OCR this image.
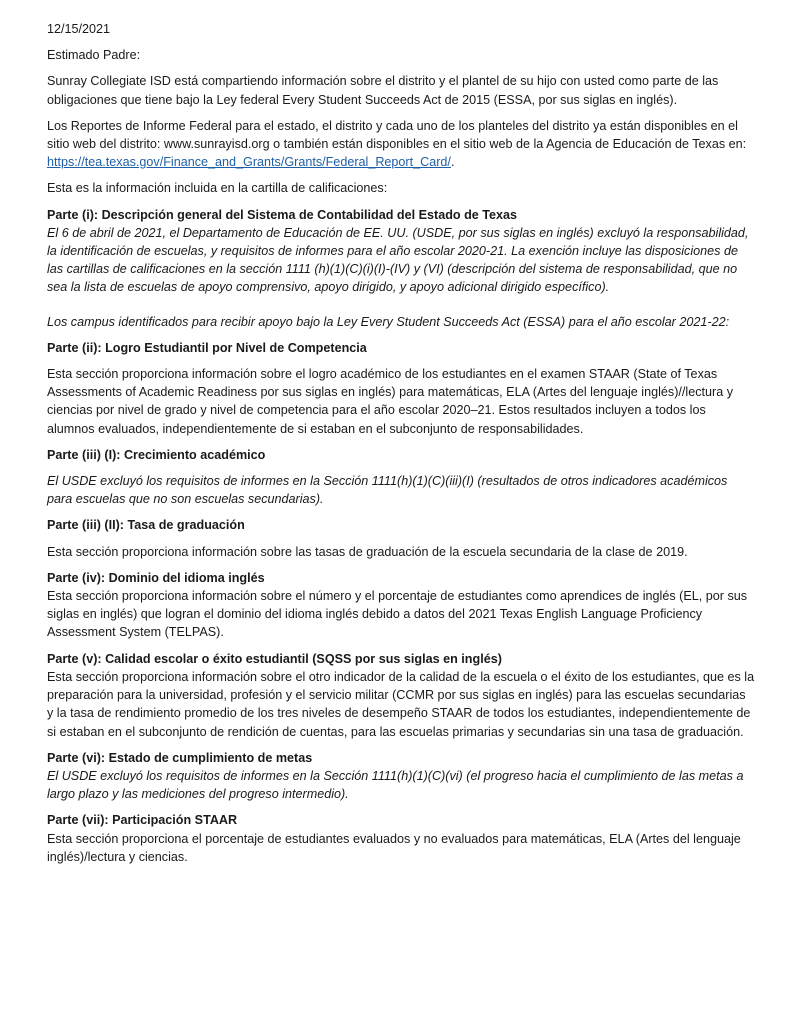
12/15/2021

Estimado Padre:

Sunray Collegiate ISD está compartiendo información sobre el distrito y el plantel de su hijo con usted como parte de las obligaciones que tiene bajo la Ley federal Every Student Succeeds Act de 2015 (ESSA, por sus siglas en inglés).

Los Reportes de Informe Federal para el estado, el distrito y cada uno de los planteles del distrito ya están disponibles en el sitio web del distrito: www.sunrayisd.org o también están disponibles en el sitio web de la Agencia de Educación de Texas en: https://tea.texas.gov/Finance_and_Grants/Grants/Federal_Report_Card/.

Esta es la información incluida en la cartilla de calificaciones:

Parte (i): Descripción general del Sistema de Contabilidad del Estado de Texas
El 6 de abril de 2021, el Departamento de Educación de EE. UU. (USDE, por sus siglas en inglés) excluyó la responsabilidad, la identificación de escuelas, y requisitos de informes para el año escolar 2020-21. La exención incluye las disposiciones de las cartillas de calificaciones en la sección 1111 (h)(1)(C)(i)(I)-(IV) y (VI) (descripción del sistema de responsabilidad, que no sea la lista de escuelas de apoyo comprensivo, apoyo dirigido, y apoyo adicional dirigido específico).

Los campus identificados para recibir apoyo bajo la Ley Every Student Succeeds Act (ESSA) para el año escolar 2021-22:

Parte (ii): Logro Estudiantil por Nivel de Competencia

Esta sección proporciona información sobre el logro académico de los estudiantes en el examen STAAR (State of Texas Assessments of Academic Readiness por sus siglas en inglés) para matemáticas, ELA (Artes del lenguaje inglés)//lectura y ciencias por nivel de grado y nivel de competencia para el año escolar 2020–21. Estos resultados incluyen a todos los alumnos evaluados, independientemente de si estaban en el subconjunto de responsabilidades.

Parte (iii) (I): Crecimiento académico

El USDE excluyó los requisitos de informes en la Sección 1111(h)(1)(C)(iii)(I) (resultados de otros indicadores académicos para escuelas que no son escuelas secundarias).

Parte (iii) (II): Tasa de graduación

Esta sección proporciona información sobre las tasas de graduación de la escuela secundaria de la clase de 2019.

Parte (iv): Dominio del idioma inglés
Esta sección proporciona información sobre el número y el porcentaje de estudiantes como aprendices de inglés (EL, por sus siglas en inglés) que logran el dominio del idioma inglés debido a datos del 2021 Texas English Language Proficiency Assessment System (TELPAS).

Parte (v): Calidad escolar o éxito estudiantil (SQSS por sus siglas en inglés)
Esta sección proporciona información sobre el otro indicador de la calidad de la escuela o el éxito de los estudiantes, que es la preparación para la universidad, profesión y el servicio militar (CCMR por sus siglas en inglés) para las escuelas secundarias y la tasa de rendimiento promedio de los tres niveles de desempeño STAAR de todos los estudiantes, independientemente de si estaban en el subconjunto de rendición de cuentas, para las escuelas primarias y secundarias sin una tasa de graduación.

Parte (vi): Estado de cumplimiento de metas
El USDE excluyó los requisitos de informes en la Sección 1111(h)(1)(C)(vi) (el progreso hacia el cumplimiento de las metas a largo plazo y las mediciones del progreso intermedio).

Parte (vii): Participación STAAR
Esta sección proporciona el porcentaje de estudiantes evaluados y no evaluados para matemáticas, ELA (Artes del lenguaje inglés)/lectura y ciencias.
